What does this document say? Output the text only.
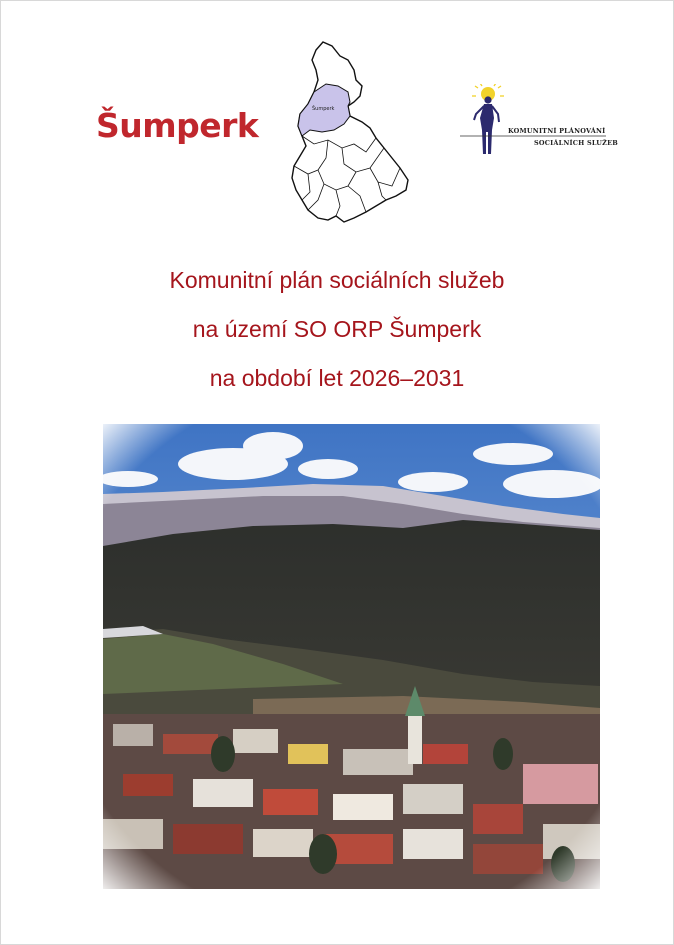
Šumperk	Šumperk
KOMUNITNÍ PLÁNOVÁNÍ
SOCIÁLNÍCH SLUŽEB
Komunitní plán sociálních služeb
na území SO ORP Šumperk
na období let 2026–2031
